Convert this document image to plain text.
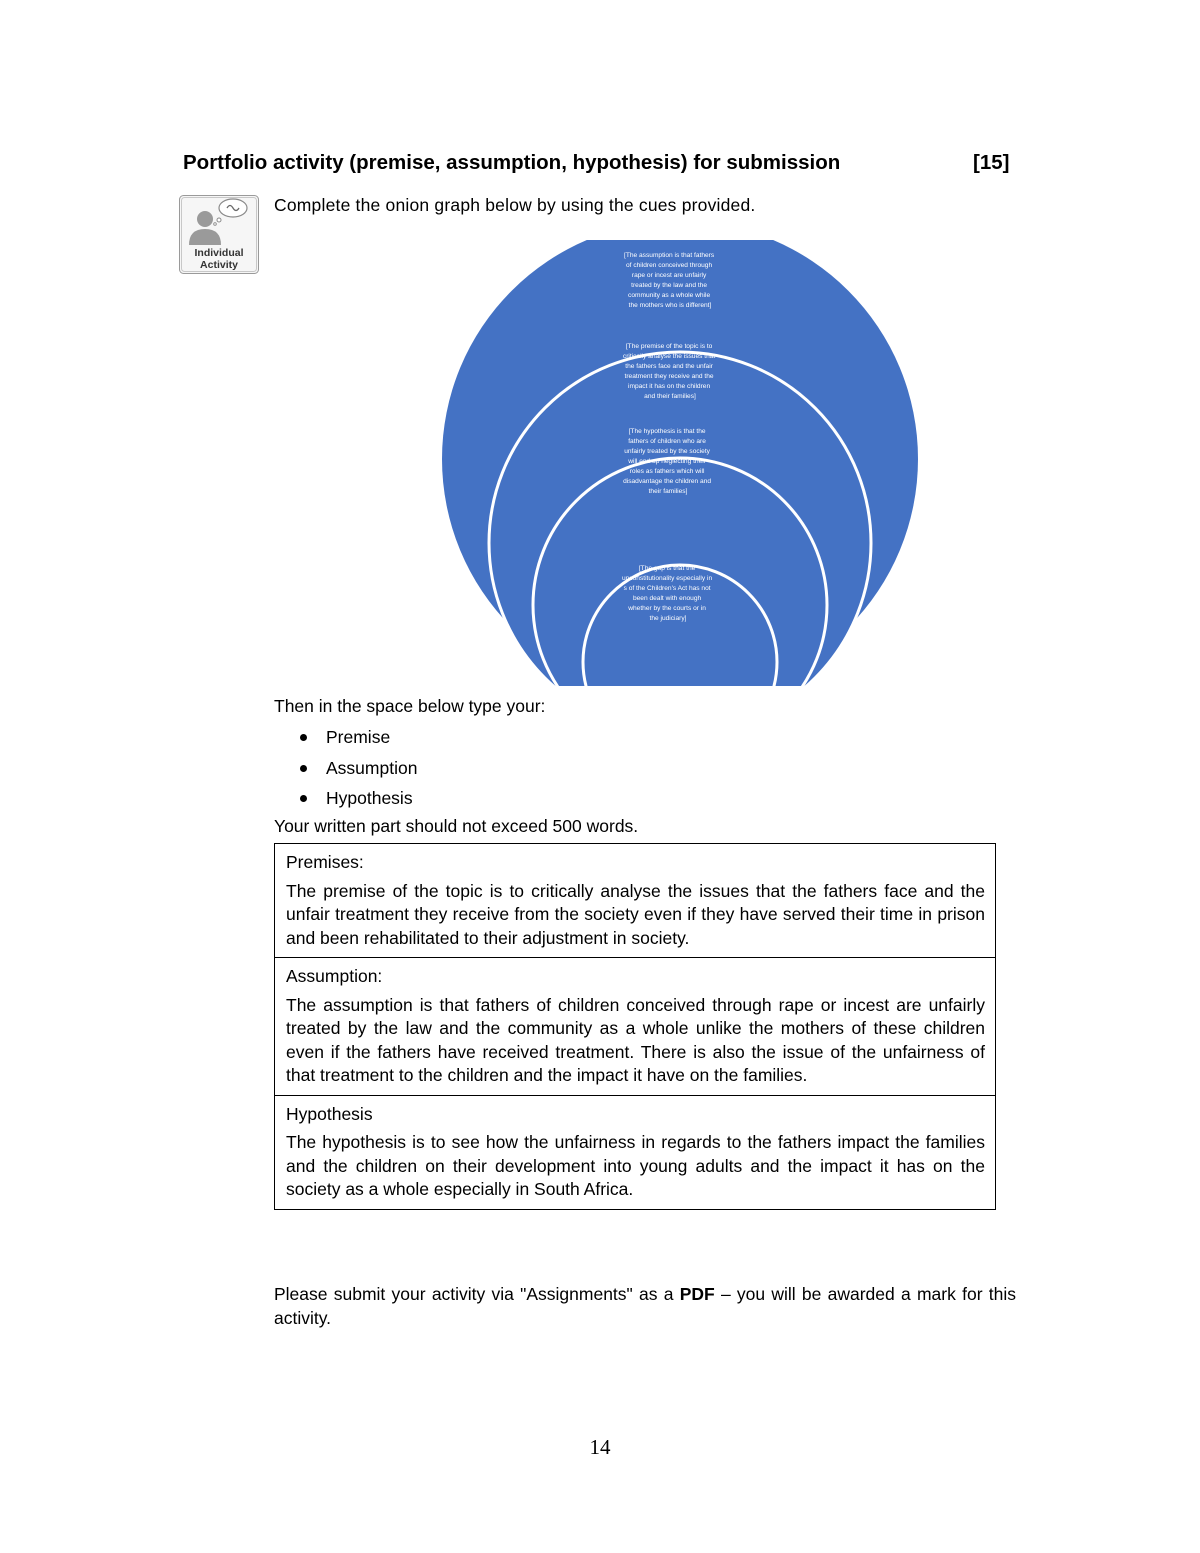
Portfolio activity (premise, assumption, hypothesis) for submission	[15]
Individual
Activity
Complete the onion graph below by using the cues provided.
[The assumption is that fathers of children conceived through rape or incest are unfairly treated by the law and the community as a whole while the mothers who is different]
[The premise of the topic is to critically analyse the issues that the fathers face and the unfair treatment they receive and the impact it has on the children and their families]
[The hypothesis is that the fathers of children who are unfairly treated by the society will end up neglecting their roles as fathers which will disadvantage the children and their families]
[The gap is that the unconstitutionality especially in s of the Children's Act has not been dealt with enough whether by the courts or in the judiciary]
Then in the space below type your:
Premise
Assumption
Hypothesis
Your written part should not exceed 500 words.
Premises:
The premise of the topic is to critically analyse the issues that the fathers face and the unfair treatment they receive from the society even if they have served their time in prison and been rehabilitated to their adjustment in society.
Assumption:
The assumption is that fathers of children conceived through rape or incest are unfairly treated by the law and the community as a whole unlike the mothers of these children even if the fathers have received treatment. There is also the issue of the unfairness of that treatment to the children and the impact it have on the families.
Hypothesis
The hypothesis is to see how the unfairness in regards to the fathers impact the families and the children on their development into young adults and the impact it has on the society as a whole especially in South Africa.
Please submit your activity via "Assignments" as a PDF – you will be awarded a mark for this activity.
14
